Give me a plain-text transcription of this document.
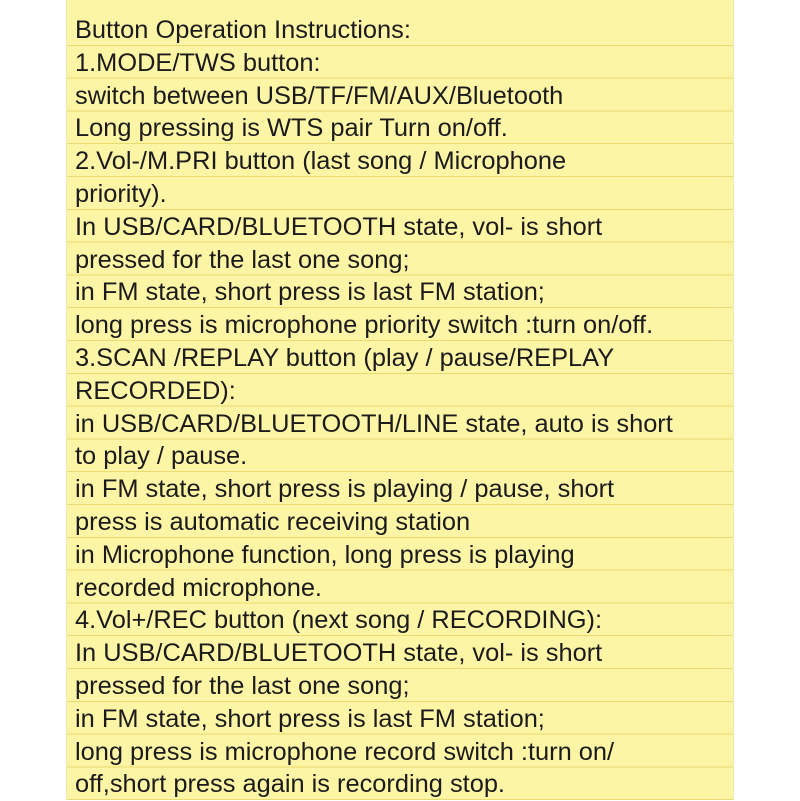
Button Operation Instructions:
1.MODE/TWS button:
switch between USB/TF/FM/AUX/Bluetooth
Long pressing is WTS pair Turn on/off.
2.Vol-/M.PRI button (last song / Microphone
priority).
In USB/CARD/BLUETOOTH state, vol- is short
pressed for the last one song;
in FM state, short press is last FM station;
long press is microphone priority switch :turn on/off.
3.SCAN /REPLAY button (play / pause/REPLAY
RECORDED):
in USB/CARD/BLUETOOTH/LINE state, auto is short
to play / pause.
in FM state, short press is playing / pause, short
press is automatic receiving station
in Microphone function, long press is playing
recorded microphone.
4.Vol+/REC button (next song / RECORDING):
In USB/CARD/BLUETOOTH state, vol- is short
pressed for the last one song;
in FM state, short press is last FM station;
long press is microphone record switch :turn on/
off,short press again is recording stop.
